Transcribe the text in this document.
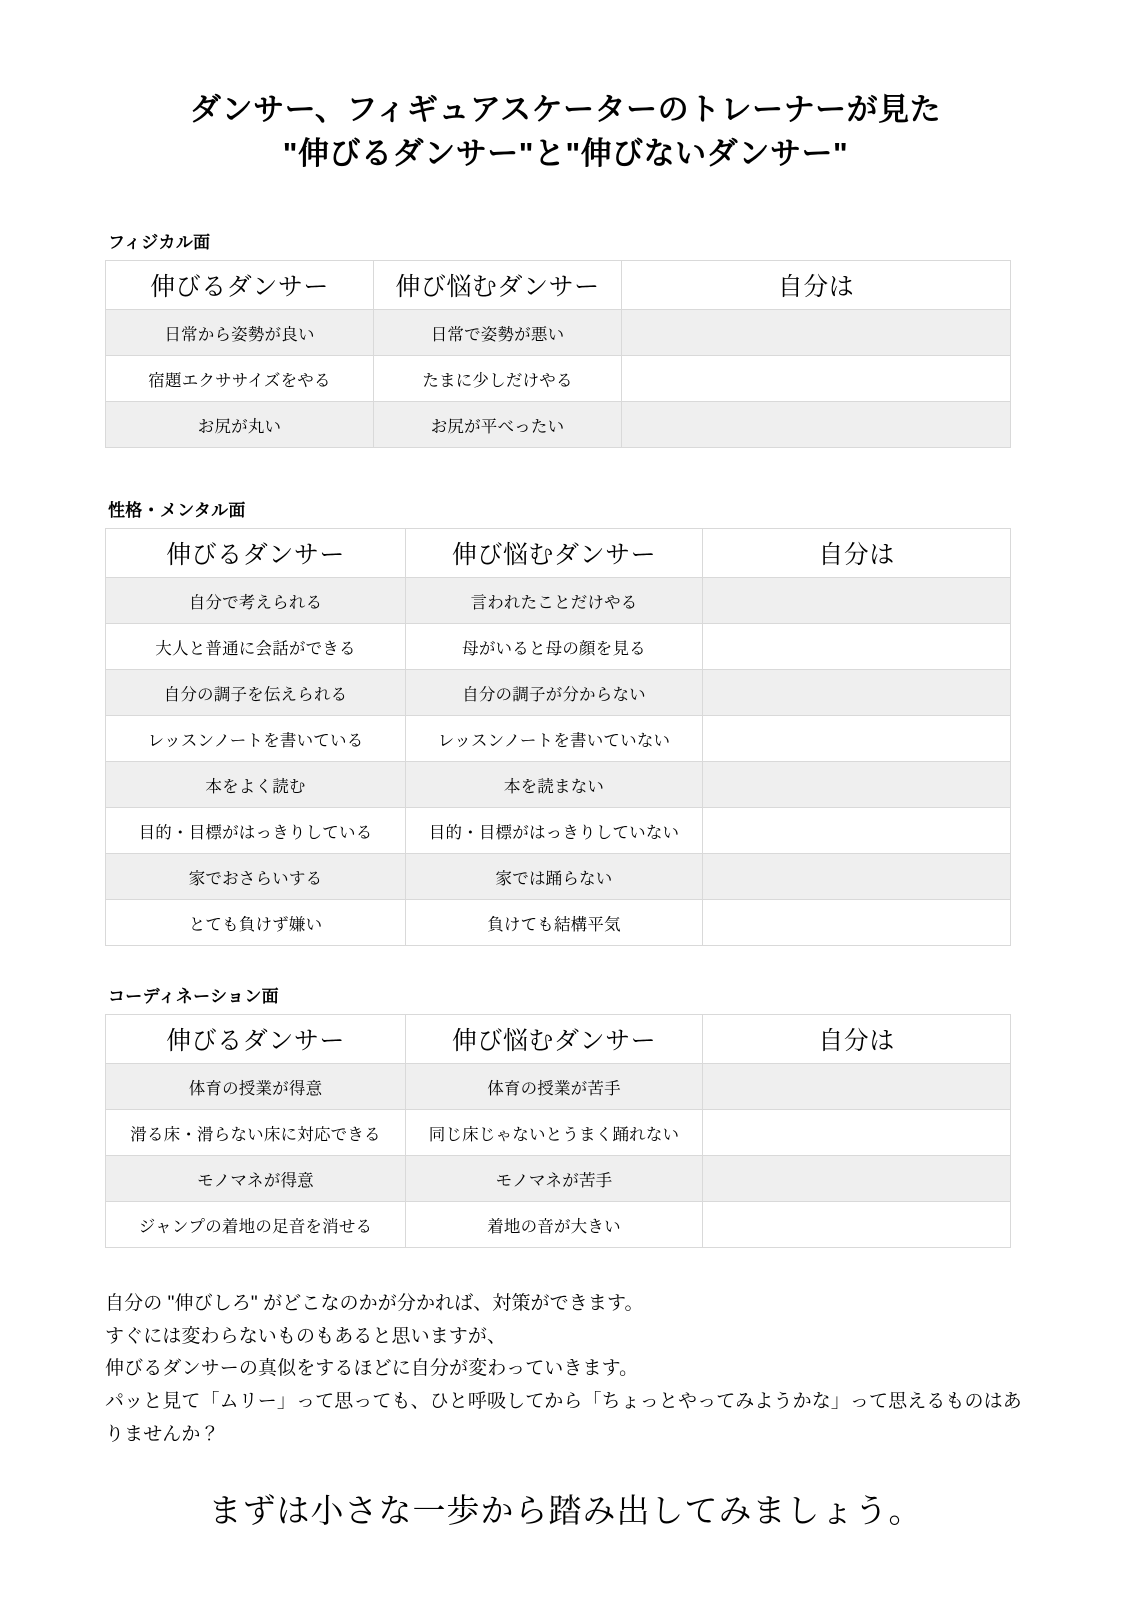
ダンサー、フィギュアスケーターのトレーナーが見た
"伸びるダンサー"と"伸びないダンサー"
フィジカル面
伸びるダンサー	伸び悩むダンサー	自分は
日常から姿勢が良い	日常で姿勢が悪い	
宿題エクササイズをやる	たまに少しだけやる	
お尻が丸い	お尻が平べったい	
性格・メンタル面
伸びるダンサー	伸び悩むダンサー	自分は
自分で考えられる	言われたことだけやる	
大人と普通に会話ができる	母がいると母の顔を見る	
自分の調子を伝えられる	自分の調子が分からない	
レッスンノートを書いている	レッスンノートを書いていない	
本をよく読む	本を読まない	
目的・目標がはっきりしている	目的・目標がはっきりしていない	
家でおさらいする	家では踊らない	
とても負けず嫌い	負けても結構平気	
コーディネーション面
伸びるダンサー	伸び悩むダンサー	自分は
体育の授業が得意	体育の授業が苦手	
滑る床・滑らない床に対応できる	同じ床じゃないとうまく踊れない	
モノマネが得意	モノマネが苦手	
ジャンプの着地の足音を消せる	着地の音が大きい	

自分の "伸びしろ" がどこなのかが分かれば、対策ができます。

すぐには変わらないものもあると思いますが、

伸びるダンサーの真似をするほどに自分が変わっていきます。

パッと見て「ムリー」って思っても、ひと呼吸してから「ちょっとやってみようかな」って思えるものはありませんか？

まずは小さな一歩から踏み出してみましょう。
